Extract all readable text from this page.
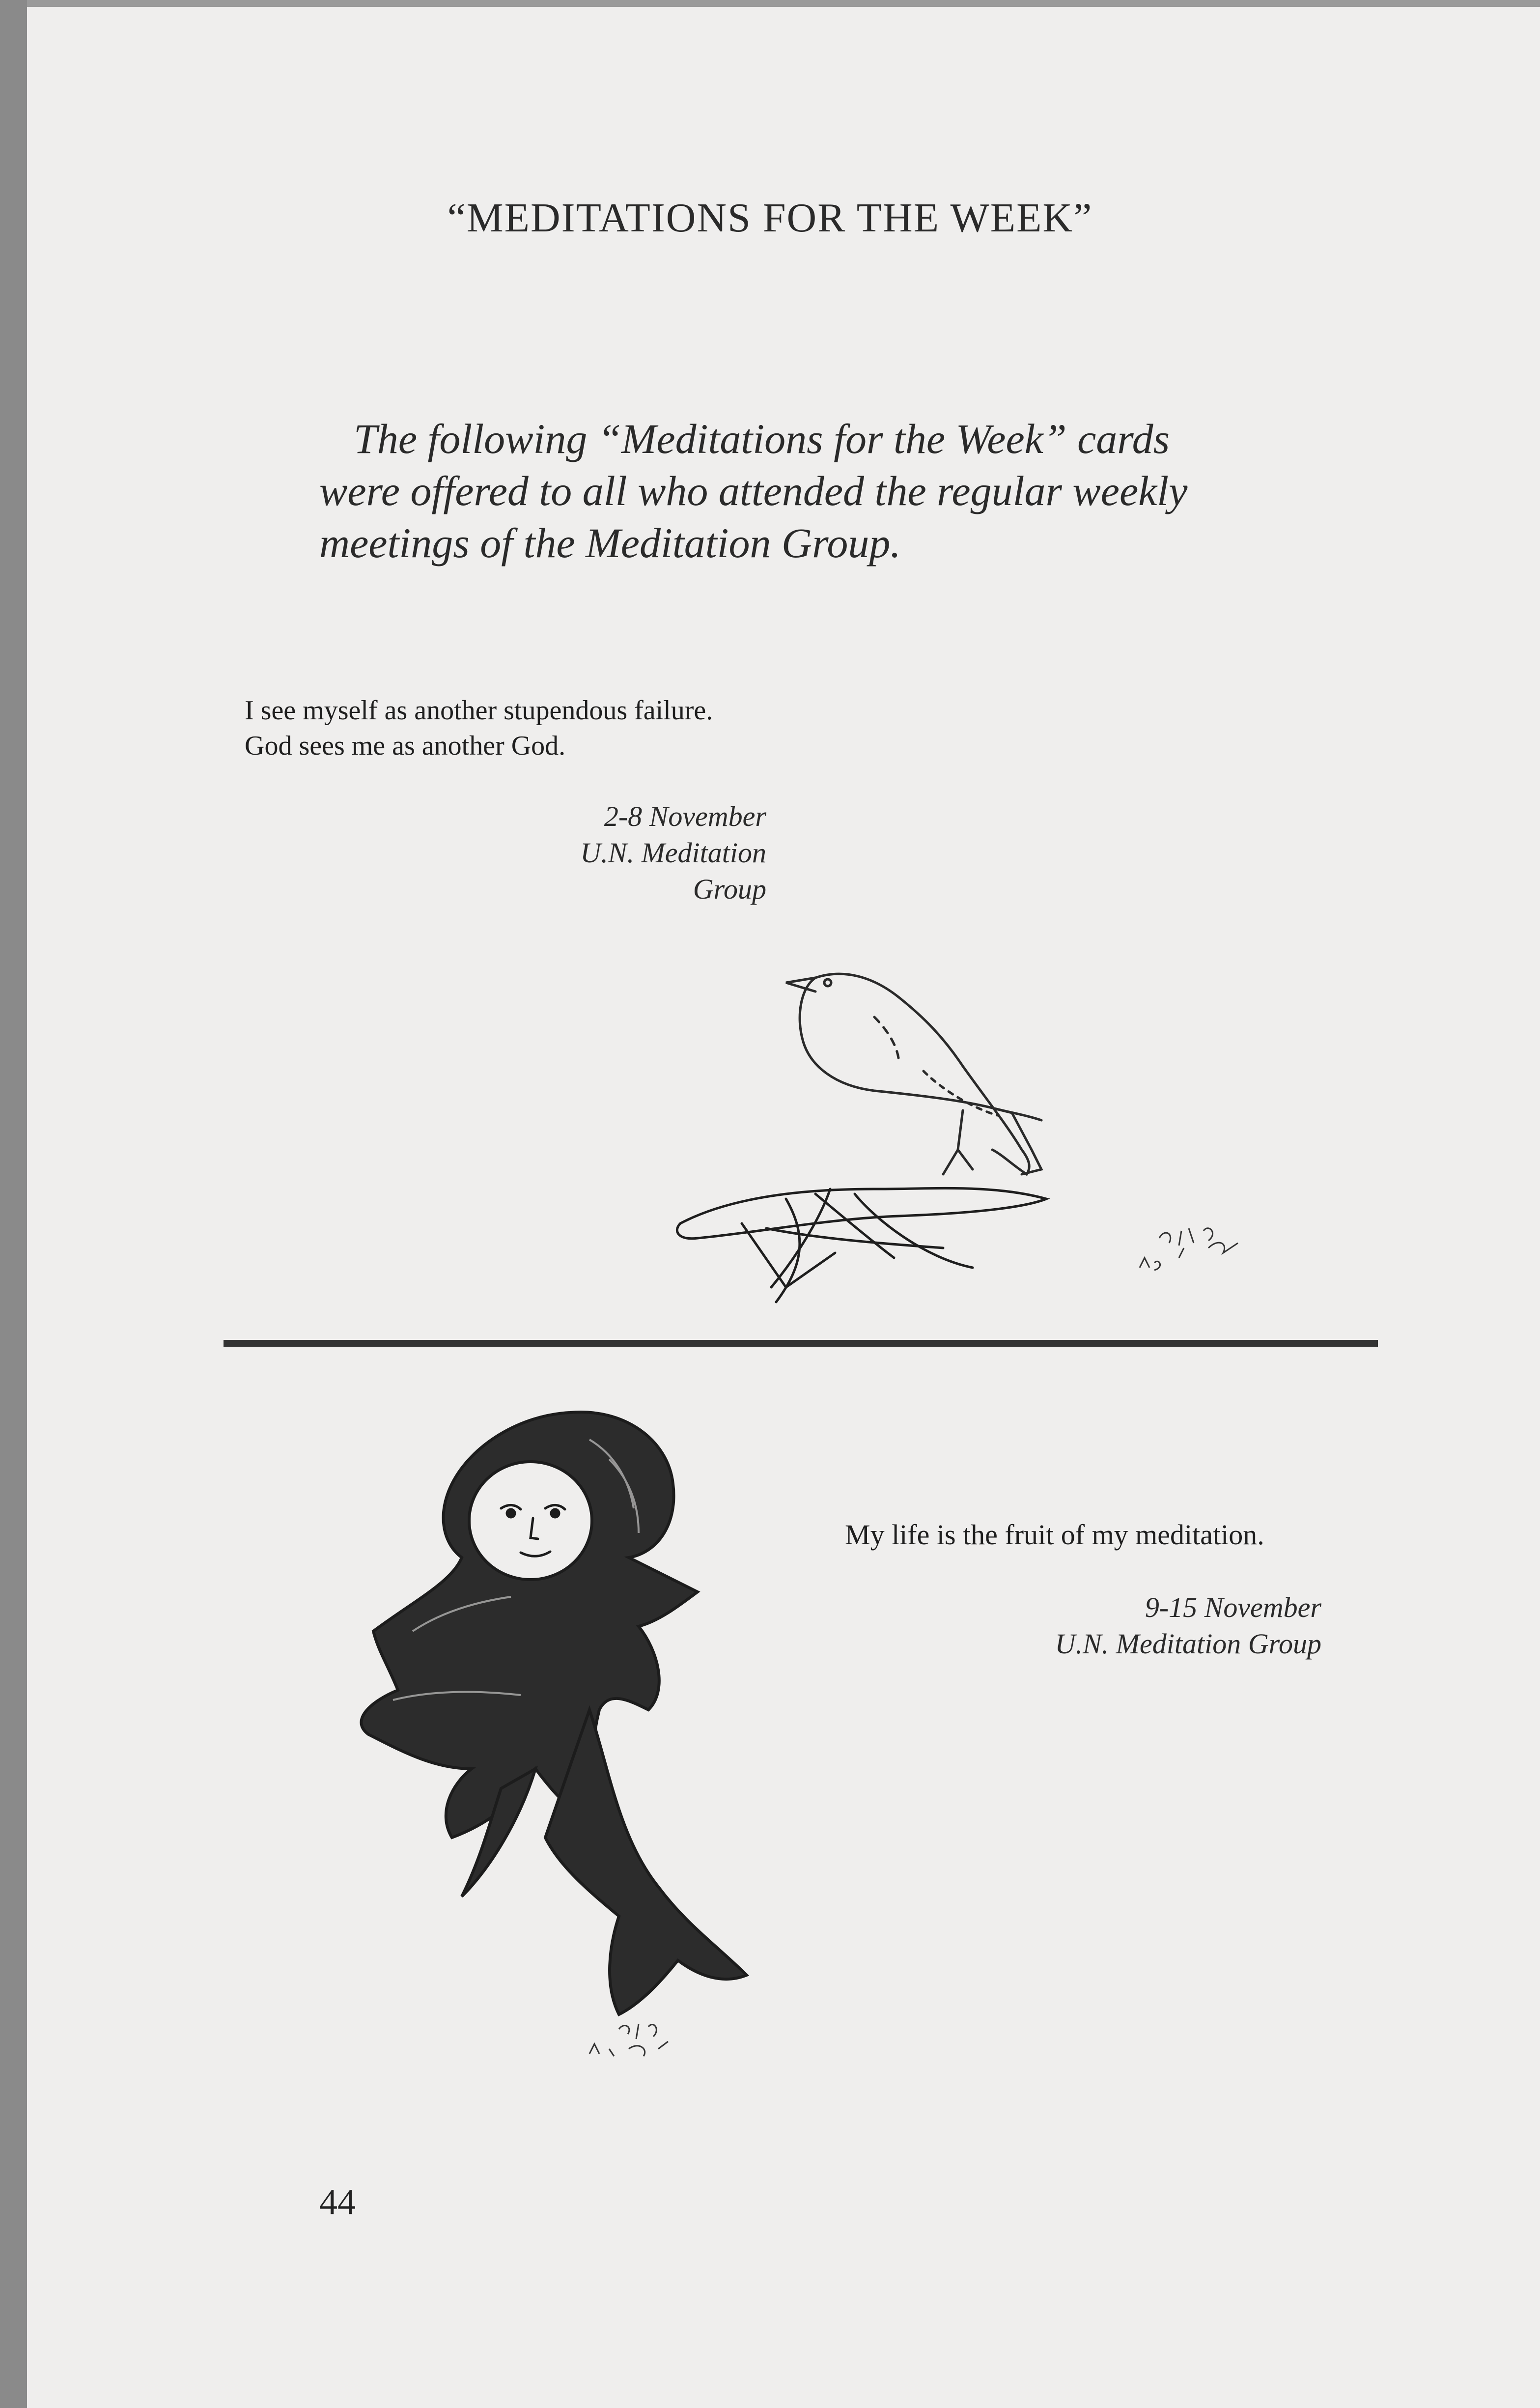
“MEDITATIONS FOR THE WEEK”
The following “Meditations for the Week” cards
were offered to all who attended the regular weekly
meetings of the Meditation Group.
I see myself as another stupendous failure.
God sees me as another God.
2-8 November
U.N. Meditation Group
My life is the fruit of my meditation.
9-15 November
U.N. Meditation Group
44
